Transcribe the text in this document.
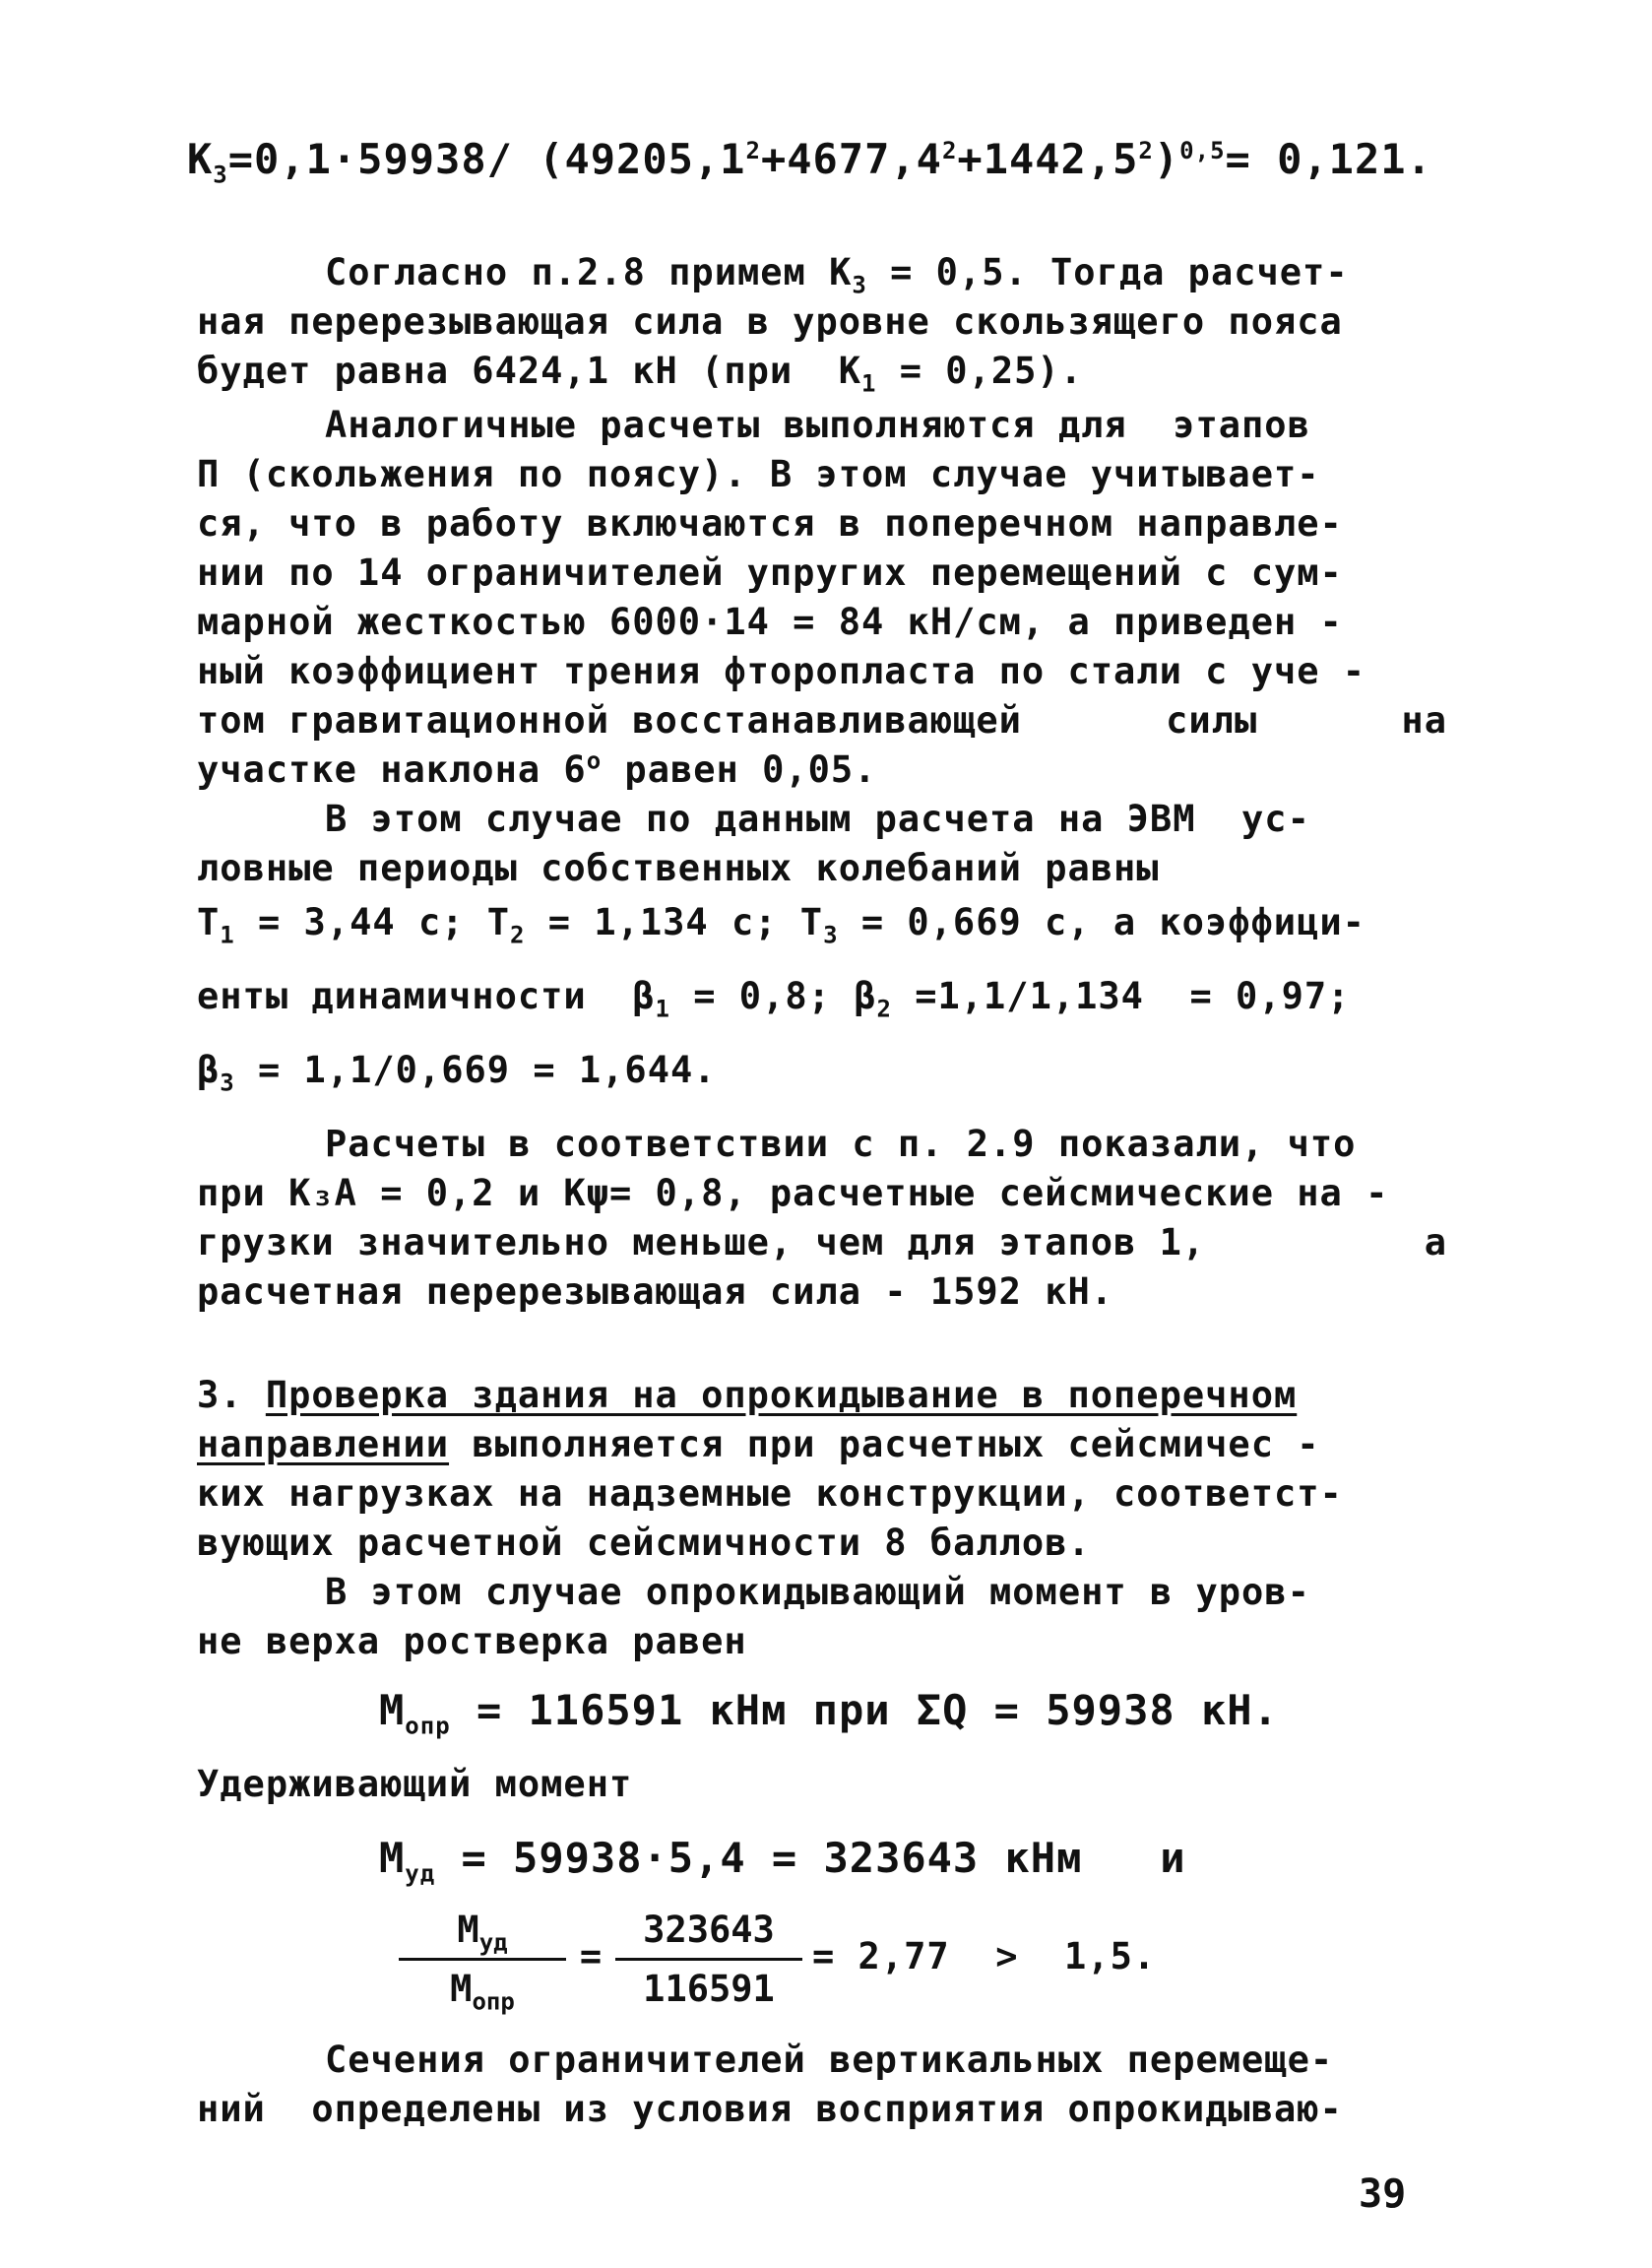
$K_3=0,1\cdot 59938/$ $(49205,1^2+4677,4^2+1442,5^2)^{0,5}= 0,121$.
Согласно п.2.8 примем $K_3 = 0,5$. Тогда расчет-
ная перерезывающая сила в уровне скользящего пояса
будет равна 6424,1 кН (при  $K_1 = 0,25$).
Аналогичные расчеты выполняются для  этапов
П (скольжения по поясу). В этом случае учитывает-
ся, что в работу включаются в поперечном направле-
нии по 14 ограничителей упругих перемещений с сум-
марной жесткостью 6000·14 = 84 кН/см, а приведен -
ный коэффициент трения фторопласта по стали с уче -
том гравитационной восстанавливающей	силы	на
участке наклона $6^о$ равен 0,05.
В этом случае по данным расчета на ЭВМ  ус-
ловные периоды собственных колебаний равны
$T_1 = 3,44$ с; $T_2 = 1,134$ с; $T_3 = 0,669$ с, а коэффици-
енты динамичности  $\beta_1 = 0,8$; $\beta_2 =1,1/1,134 = 0,97$;
$\beta_3 = 1,1/0,669 = 1,644$.
Расчеты в соответствии с п. 2.9 показали, что
при K₃A = 0,2 и Kψ= 0,8, расчетные сейсмические на -
грузки значительно меньше, чем для этапов 1,	а
расчетная перерезывающая сила - 1592 кН.
3. Проверка здания на опрокидывание в поперечном
направлении выполняется при расчетных сейсмичес -
ких нагрузках на надземные конструкции, соответст-
вующих расчетной сейсмичности 8 баллов.
В этом случае опрокидывающий момент в уров-
не верха ростверка равен
$M_{опр} = 116591$ кНм при ΣQ = 59938 кН.
Удерживающий момент
$M_{уд} = 59938\cdot 5,4 = 323643$ кНм   и
$M_{уд}$
$M_{опр}$
=
323643
116591
= 2,77  >  1,5.
Сечения ограничителей вертикальных перемеще-
ний  определены из условия восприятия опрокидываю-
39
